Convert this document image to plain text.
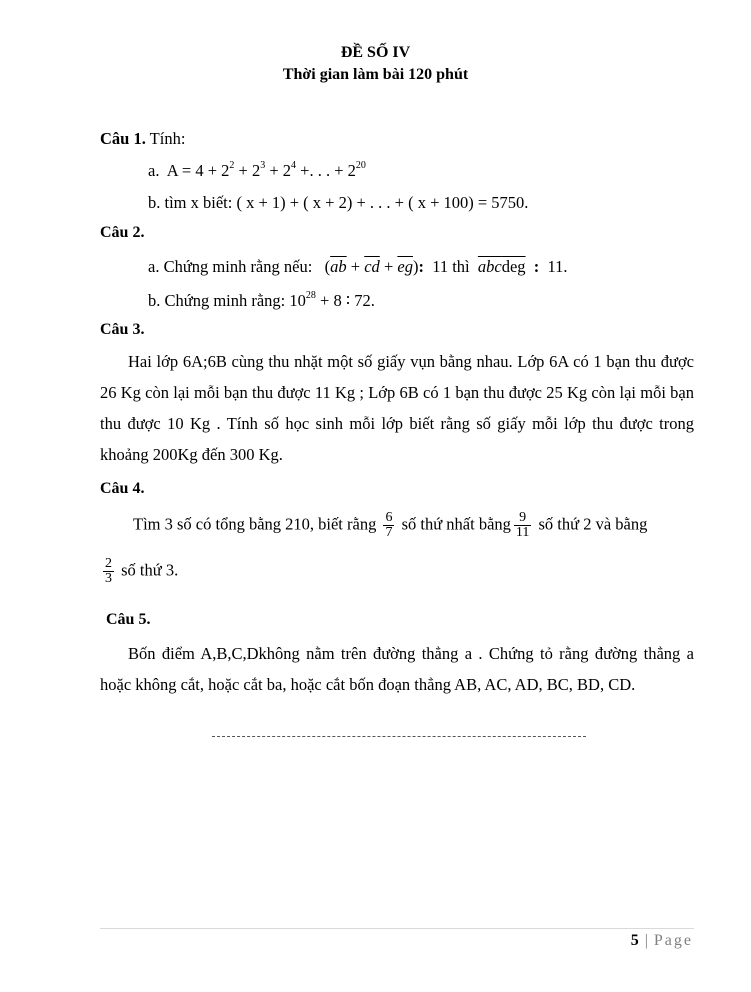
ĐỀ SỐ IV
Thời gian làm bài 120 phút
Câu 1. Tính:
a. $A = 4 + 2^2 + 2^3 + 2^4$ +. . . + $2^{20}$
b. tìm x biết: ( x + 1) + ( x + 2) + . . . + ( x + 100) = 5750.
Câu 2.
a. Chứng minh rằng nếu:   $(\overline{ab} + \overline{cd} + \overline{eg})$: 11 thì abcdeg : 11.
b. Chứng minh rằng: $10^{28} + 8$ ∶ 72.
Câu 3.
Hai lớp 6A;6B cùng thu nhặt một số giấy vụn bằng nhau. Lớp 6A có 1 bạn thu được 26 Kg còn lại mỗi bạn thu được 11 Kg ; Lớp 6B có 1 bạn thu được 25 Kg còn lại mỗi bạn thu được 10 Kg . Tính số học sinh mỗi lớp biết rằng số giấy mỗi lớp thu được trong khoảng 200Kg đến 300 Kg.
Câu 4.
Tìm 3 số có tổng bằng 210, biết rằng $\frac{6}{7}$ số thứ nhất bằng $\frac{9}{11}$ số thứ 2 và bằng
$\frac{2}{3}$ số thứ 3.
Câu 5.
Bốn điểm A,B,C,Dkhông nằm trên đường thẳng a . Chứng tỏ rằng đường thẳng a hoặc không cắt, hoặc cắt ba, hoặc cắt bốn đoạn thẳng AB, AC, AD, BC, BD, CD.
5 | Page
